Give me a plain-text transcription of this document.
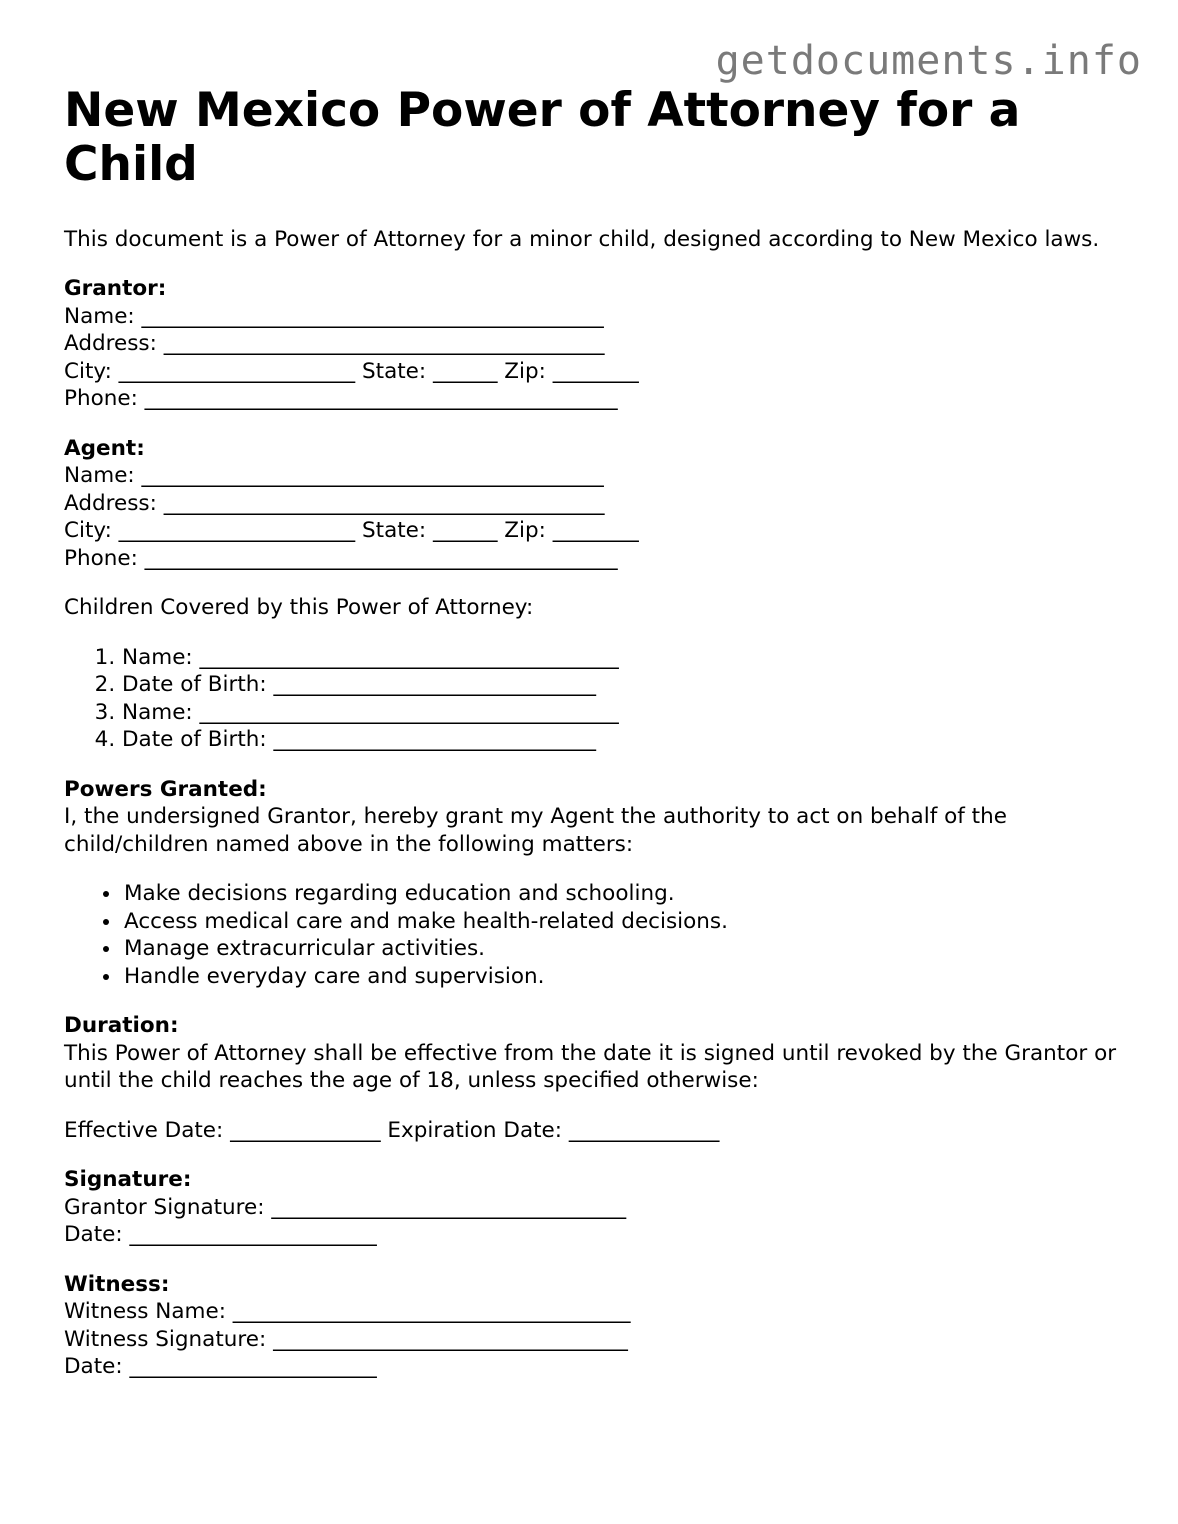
getdocuments.info
New Mexico Power of Attorney for a Child

This document is a Power of Attorney for a minor child, designed according to New Mexico laws.

Grantor:
Name: ___________________________________________
Address: _________________________________________
City: ______________________ State: ______ Zip: ________
Phone: ____________________________________________
Agent:
Name: ___________________________________________
Address: _________________________________________
City: ______________________ State: ______ Zip: ________
Phone: ____________________________________________
Children Covered by this Power of Attorney:
1. Name: _______________________________________
2. Date of Birth: ______________________________
3. Name: _______________________________________
4. Date of Birth: ______________________________
Powers Granted:

I, the undersigned Grantor, hereby grant my Agent the authority to act on behalf of the child/children named above in the following matters:

• Make decisions regarding education and schooling.
• Access medical care and make health-related decisions.
• Manage extracurricular activities.
• Handle everyday care and supervision.
Duration:

This Power of Attorney shall be effective from the date it is signed until revoked by the Grantor or until the child reaches the age of 18, unless specified otherwise:

Effective Date: ______________ Expiration Date: ______________
Signature:
Grantor Signature: _________________________________
Date: _______________________
Witness:
Witness Name: _____________________________________
Witness Signature: _________________________________
Date: _______________________
